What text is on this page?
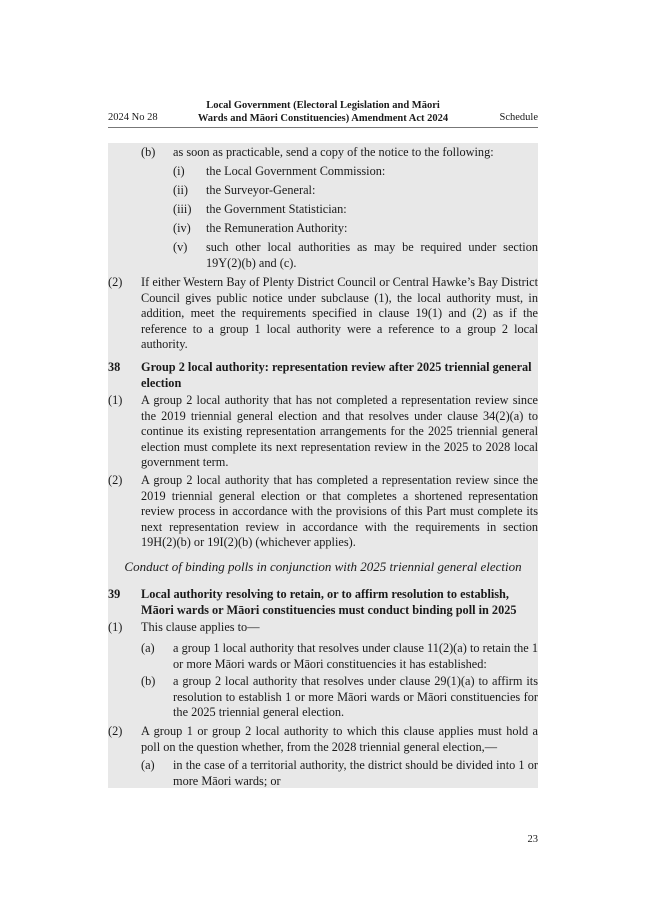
2024 No 28
Local Government (Electoral Legislation and Māori
Wards and Māori Constituencies) Amendment Act 2024	Schedule
(b) as soon as practicable, send a copy of the notice to the following:
(i) the Local Government Commission:
(ii) the Surveyor-General:
(iii) the Government Statistician:
(iv) the Remuneration Authority:
(v) such other local authorities as may be required under section 19Y(2)(b) and (c).
(2) If either Western Bay of Plenty District Council or Central Hawke’s Bay District Council gives public notice under subclause (1), the local authority must, in addition, meet the requirements specified in clause 19(1) and (2) as if the reference to a group 1 local authority were a reference to a group 2 local authority.
38 Group 2 local authority: representation review after 2025 triennial general election
(1) A group 2 local authority that has not completed a representation review since the 2019 triennial general election and that resolves under clause 34(2)(a) to continue its existing representation arrangements for the 2025 triennial general election must complete its next representation review in the 2025 to 2028 local government term.
(2) A group 2 local authority that has completed a representation review since the 2019 triennial general election or that completes a shortened representation review process in accordance with the provisions of this Part must complete its next representation review in accordance with the requirements in section 19H(2)(b) or 19I(2)(b) (whichever applies).
Conduct of binding polls in conjunction with 2025 triennial general election
39 Local authority resolving to retain, or to affirm resolution to establish, Māori wards or Māori constituencies must conduct binding poll in 2025
(1) This clause applies to—
(a) a group 1 local authority that resolves under clause 11(2)(a) to retain the 1 or more Māori wards or Māori constituencies it has established:
(b) a group 2 local authority that resolves under clause 29(1)(a) to affirm its resolution to establish 1 or more Māori wards or Māori constituencies for the 2025 triennial general election.
(2) A group 1 or group 2 local authority to which this clause applies must hold a poll on the question whether, from the 2028 triennial general election,—
(a) in the case of a territorial authority, the district should be divided into 1 or more Māori wards; or
23
